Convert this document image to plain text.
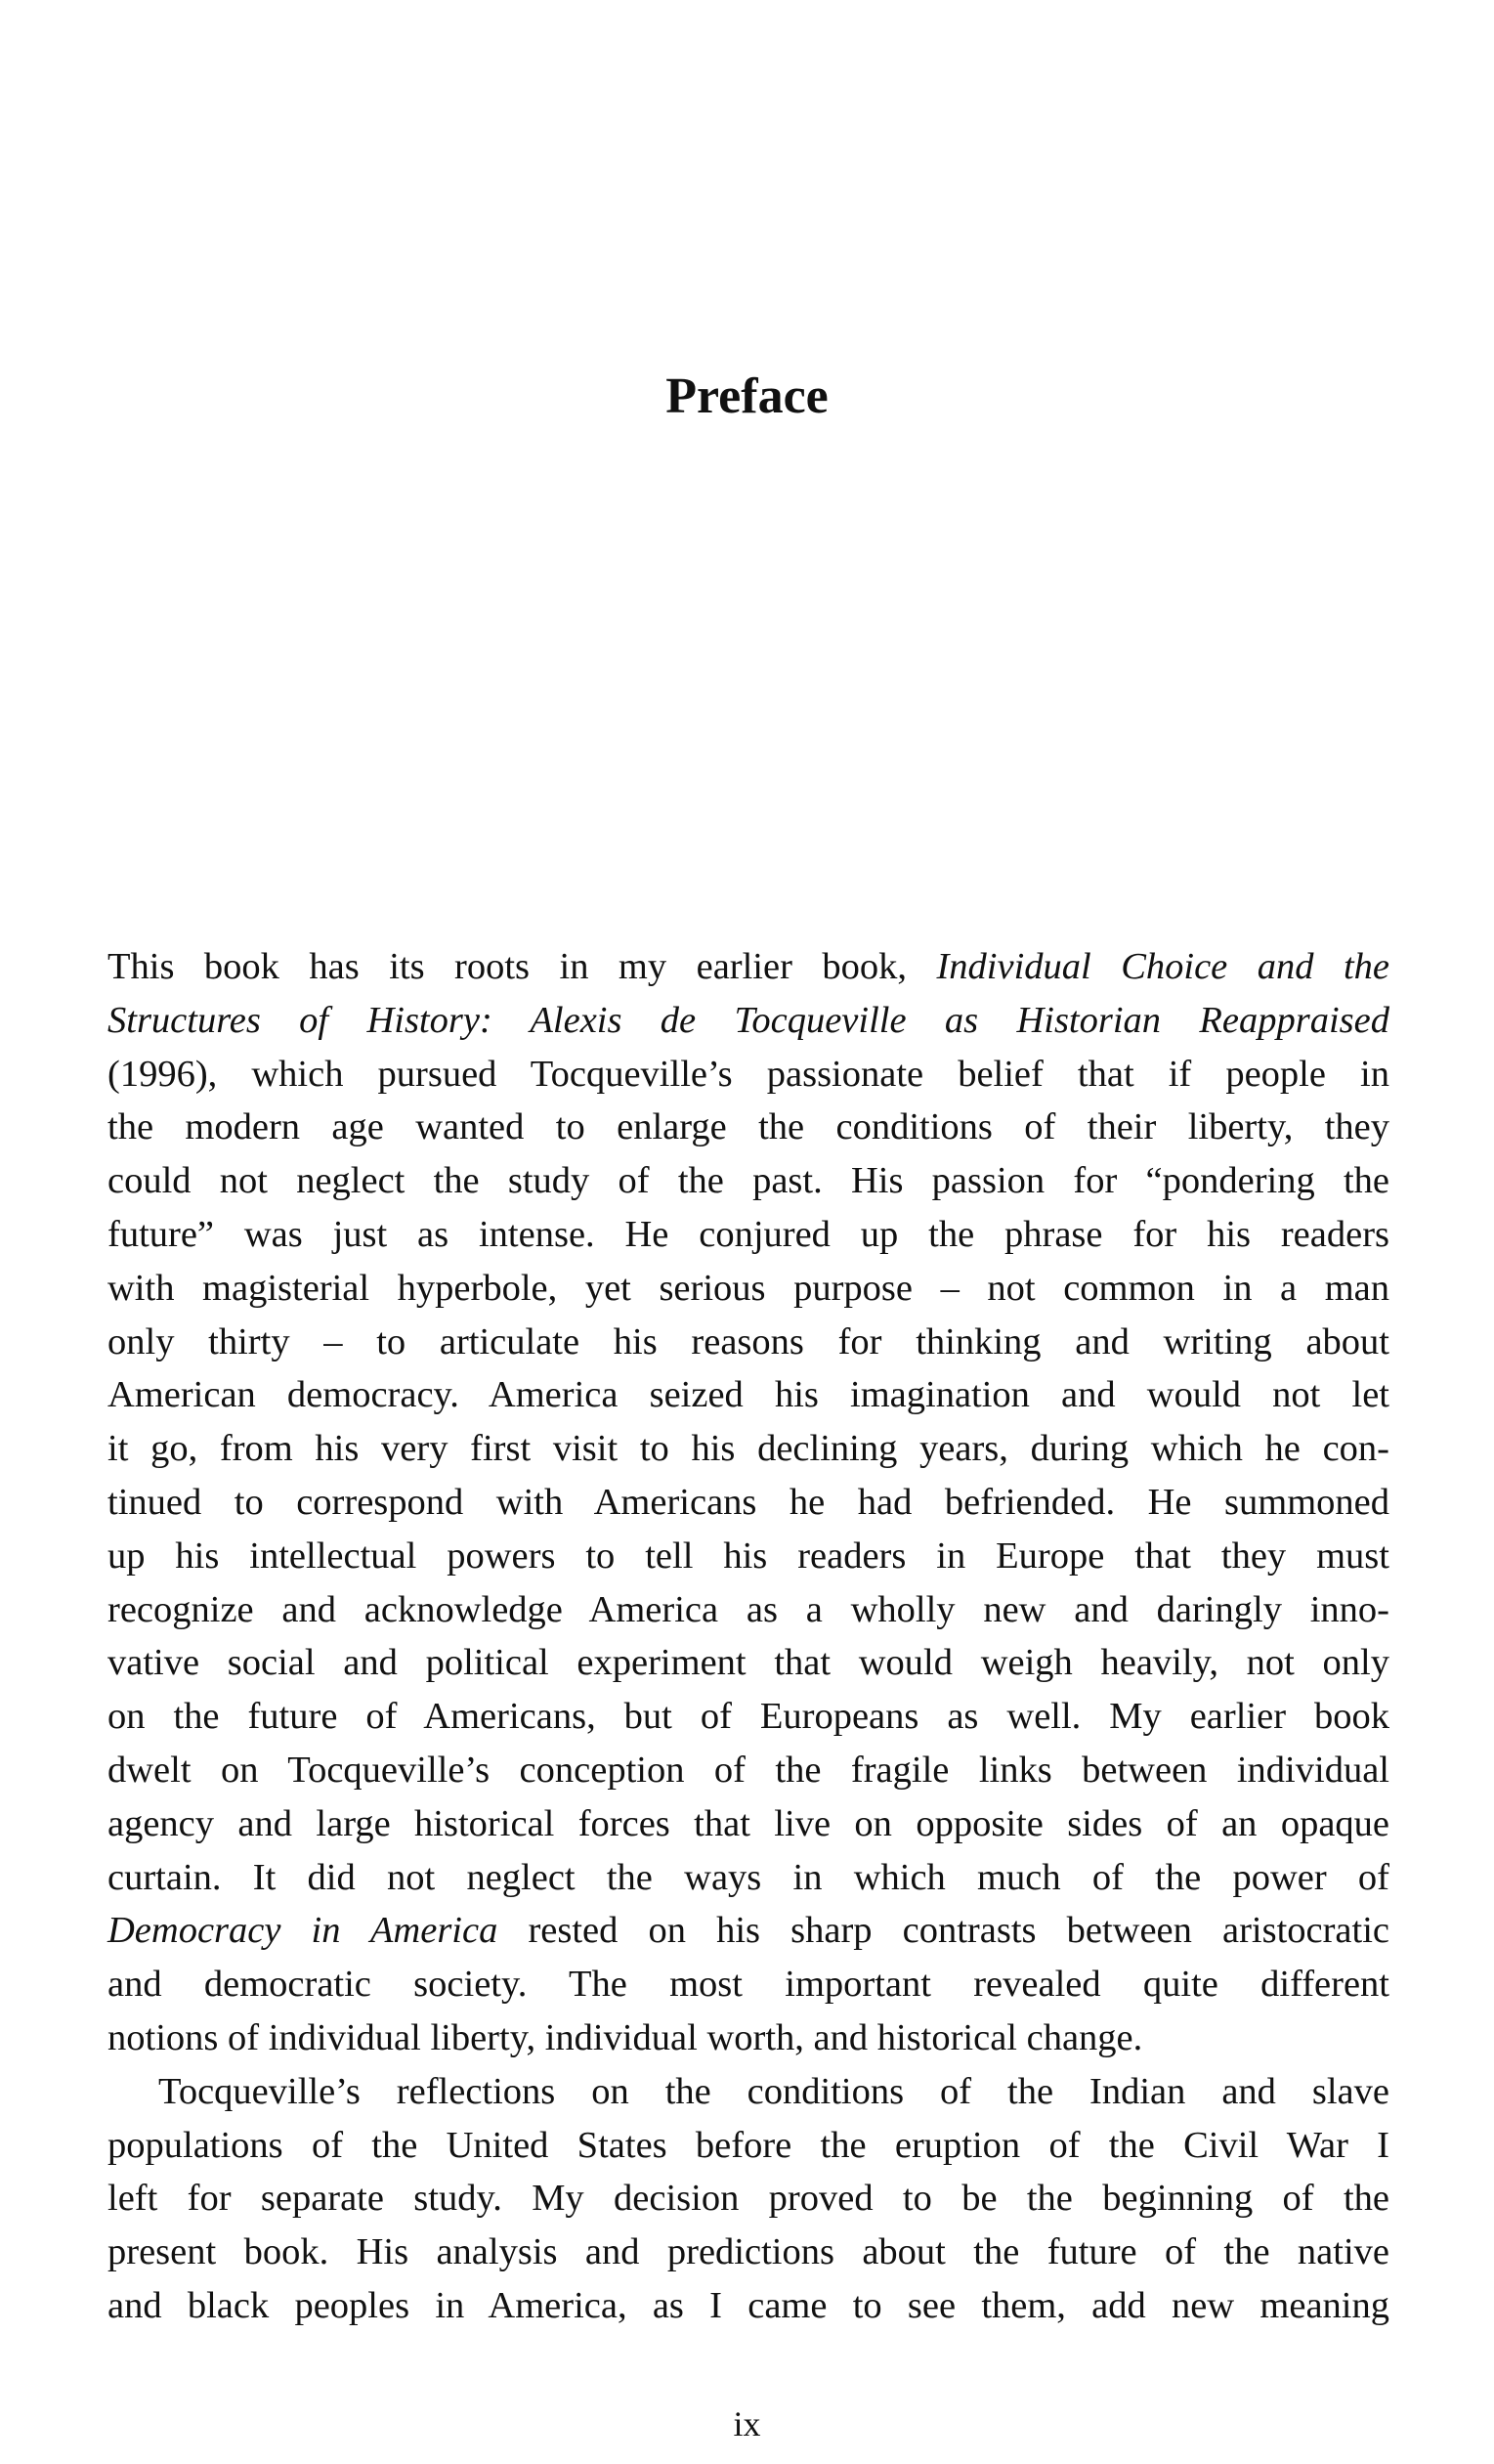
Preface
This book has its roots in my earlier book, Individual Choice and the
Structures of History: Alexis de Tocqueville as Historian Reappraised
(1996), which pursued Tocqueville’s passionate belief that if people in
the modern age wanted to enlarge the conditions of their liberty, they
could not neglect the study of the past. His passion for “pondering the
future” was just as intense. He conjured up the phrase for his readers
with magisterial hyperbole, yet serious purpose – not common in a man
only thirty – to articulate his reasons for thinking and writing about
American democracy. America seized his imagination and would not let
it go, from his very first visit to his declining years, during which he con-
tinued to correspond with Americans he had befriended. He summoned
up his intellectual powers to tell his readers in Europe that they must
recognize and acknowledge America as a wholly new and daringly inno-
vative social and political experiment that would weigh heavily, not only
on the future of Americans, but of Europeans as well. My earlier book
dwelt on Tocqueville’s conception of the fragile links between individual
agency and large historical forces that live on opposite sides of an opaque
curtain. It did not neglect the ways in which much of the power of
Democracy in America rested on his sharp contrasts between aristocratic
and democratic society. The most important revealed quite different
notions of individual liberty, individual worth, and historical change.
Tocqueville’s reflections on the conditions of the Indian and slave
populations of the United States before the eruption of the Civil War I
left for separate study. My decision proved to be the beginning of the
present book. His analysis and predictions about the future of the native
and black peoples in America, as I came to see them, add new meaning
ix
